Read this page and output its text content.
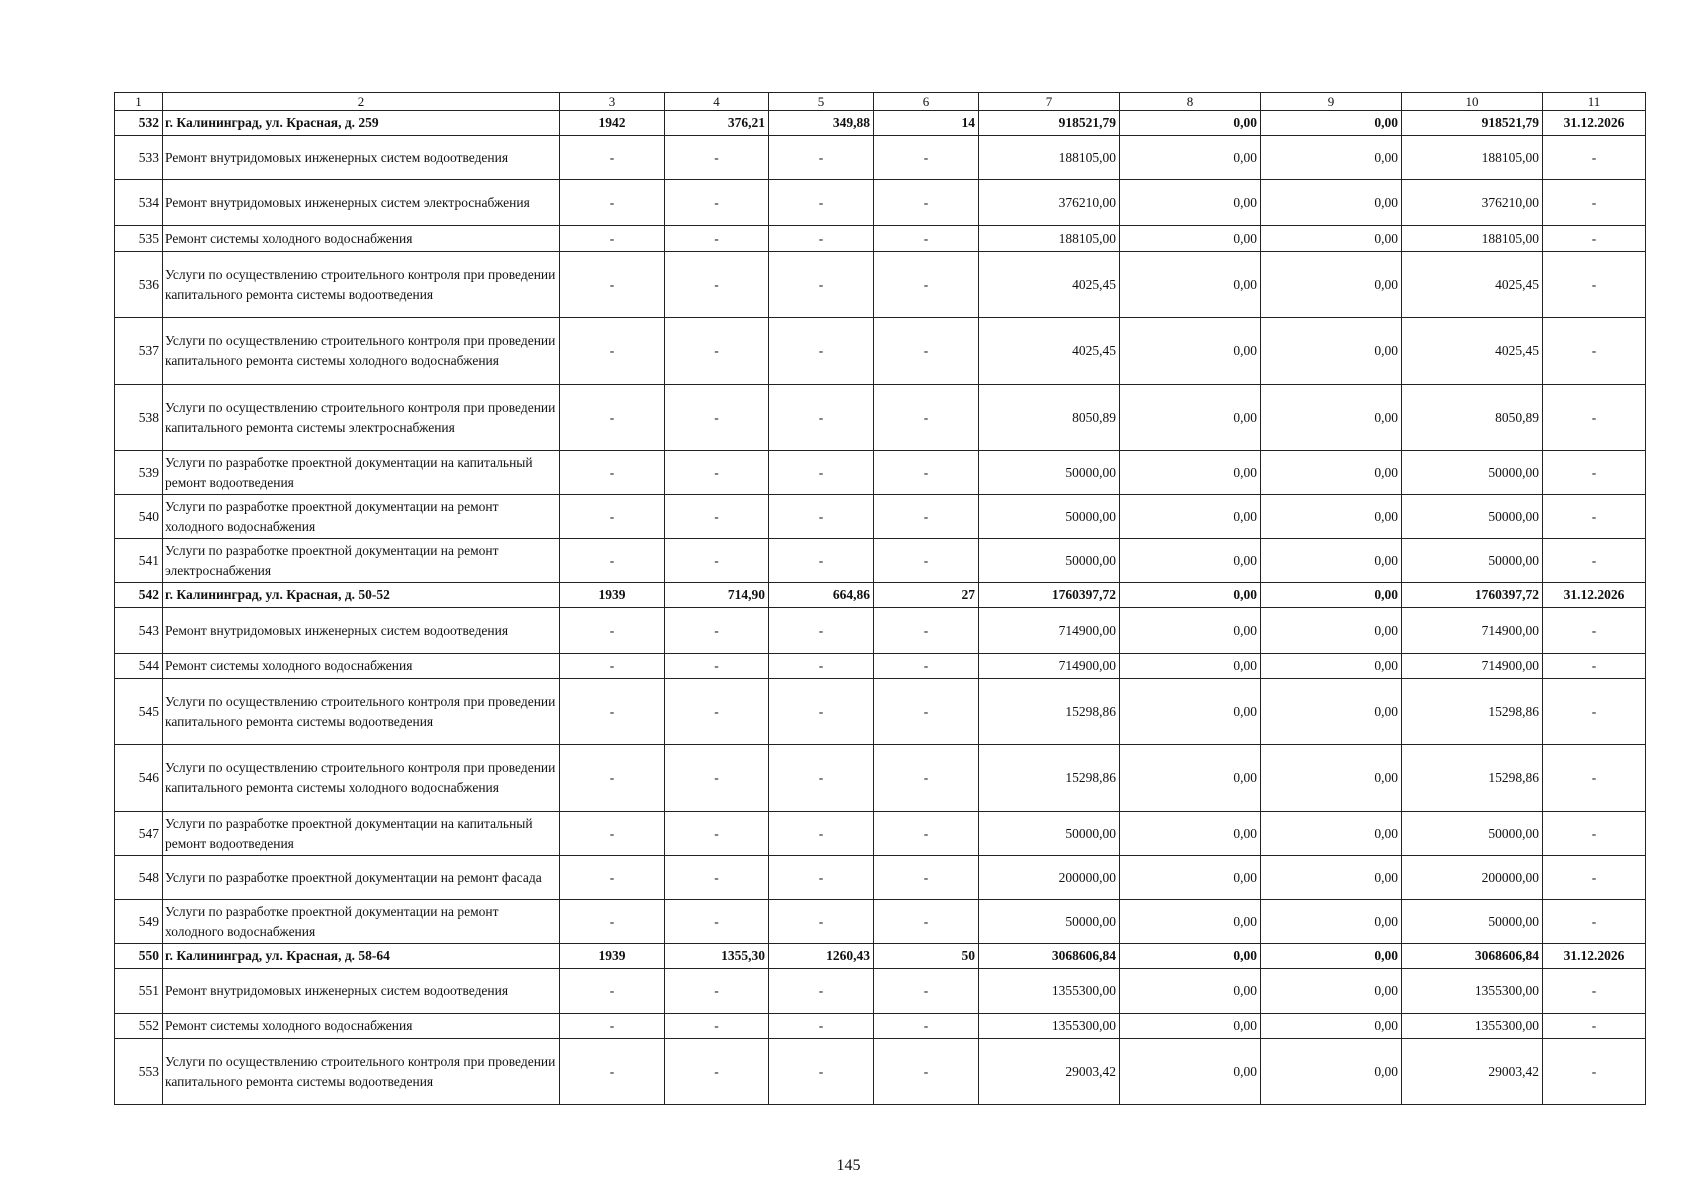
1	2	3	4	5	6	7	8	9	10	11
532	г. Калининград, ул. Красная, д. 259	1942	376,21	349,88	14	918521,79	0,00	0,00	918521,79	31.12.2026
533	Ремонт внутридомовых инженерных систем водоотведения	-	-	-	-	188105,00	0,00	0,00	188105,00	-
534	Ремонт внутридомовых инженерных систем электроснабжения	-	-	-	-	376210,00	0,00	0,00	376210,00	-
535	Ремонт системы холодного водоснабжения	-	-	-	-	188105,00	0,00	0,00	188105,00	-
536	Услуги по осуществлению строительного контроля при проведении капитального ремонта системы водоотведения	-	-	-	-	4025,45	0,00	0,00	4025,45	-
537	Услуги по осуществлению строительного контроля при проведении капитального ремонта системы холодного водоснабжения	-	-	-	-	4025,45	0,00	0,00	4025,45	-
538	Услуги по осуществлению строительного контроля при проведении капитального ремонта системы электроснабжения	-	-	-	-	8050,89	0,00	0,00	8050,89	-
539	Услуги по разработке проектной документации на капитальный ремонт водоотведения	-	-	-	-	50000,00	0,00	0,00	50000,00	-
540	Услуги по разработке проектной документации на ремонт холодного водоснабжения	-	-	-	-	50000,00	0,00	0,00	50000,00	-
541	Услуги по разработке проектной документации на ремонт электроснабжения	-	-	-	-	50000,00	0,00	0,00	50000,00	-
542	г. Калининград, ул. Красная, д. 50-52	1939	714,90	664,86	27	1760397,72	0,00	0,00	1760397,72	31.12.2026
543	Ремонт внутридомовых инженерных систем водоотведения	-	-	-	-	714900,00	0,00	0,00	714900,00	-
544	Ремонт системы холодного водоснабжения	-	-	-	-	714900,00	0,00	0,00	714900,00	-
545	Услуги по осуществлению строительного контроля при проведении капитального ремонта системы водоотведения	-	-	-	-	15298,86	0,00	0,00	15298,86	-
546	Услуги по осуществлению строительного контроля при проведении капитального ремонта системы холодного водоснабжения	-	-	-	-	15298,86	0,00	0,00	15298,86	-
547	Услуги по разработке проектной документации на капитальный ремонт водоотведения	-	-	-	-	50000,00	0,00	0,00	50000,00	-
548	Услуги по разработке проектной документации на ремонт фасада	-	-	-	-	200000,00	0,00	0,00	200000,00	-
549	Услуги по разработке проектной документации на ремонт холодного водоснабжения	-	-	-	-	50000,00	0,00	0,00	50000,00	-
550	г. Калининград, ул. Красная, д. 58-64	1939	1355,30	1260,43	50	3068606,84	0,00	0,00	3068606,84	31.12.2026
551	Ремонт внутридомовых инженерных систем водоотведения	-	-	-	-	1355300,00	0,00	0,00	1355300,00	-
552	Ремонт системы холодного водоснабжения	-	-	-	-	1355300,00	0,00	0,00	1355300,00	-
553	Услуги по осуществлению строительного контроля при проведении капитального ремонта системы водоотведения	-	-	-	-	29003,42	0,00	0,00	29003,42	-
145
